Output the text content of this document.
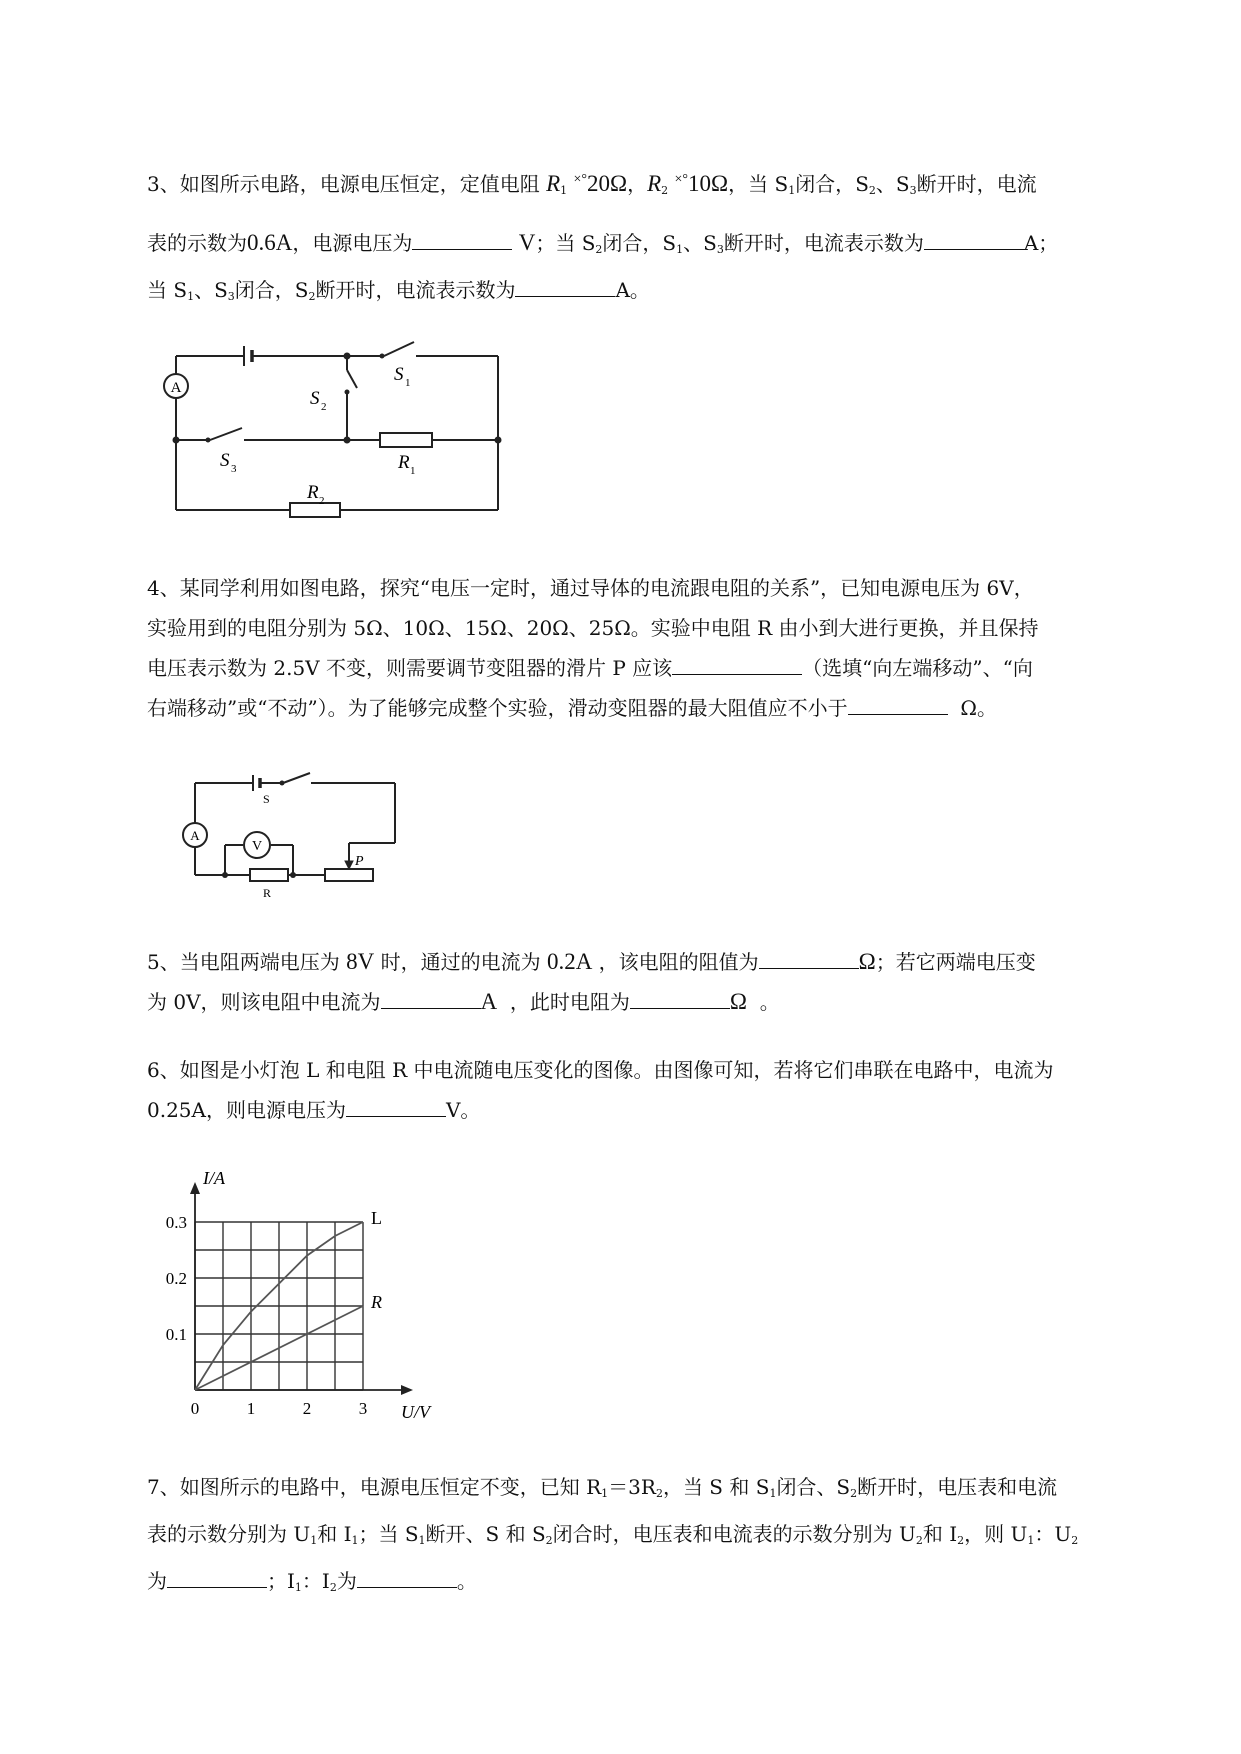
3、如图所示电路，电源电压恒定，定值电阻 $R_1$ ×°20Ω，$R_2$ ×°10Ω，当 $S_1$闭合，$S_2$、$S_3$断开时，电流

表的示数为0.6A，电源电压为	V；当 $S_2$闭合，$S_1$、$S_3$断开时，电流表示数为	A；

当 $S_1$、$S_3$闭合，$S_2$断开时，电流表示数为	A。

A
S 1
S 2
S 3	R 1
R 2

4、某同学利用如图电路，探究“电压一定时，通过导体的电流跟电阻的关系”，已知电源电压为 6V，

实验用到的电阻分别为 5Ω、10Ω、15Ω、20Ω、25Ω。实验中电阻 R 由小到大进行更换，并且保持

电压表示数为 2.5V 不变，则需要调节变阻器的滑片 P 应该	（选填“向左端移动”、“向

右端移动”或“不动”）。为了能够完成整个实验，滑动变阻器的最大阻值应不小于	Ω。

A
V
S
R
P

5、当电阻两端电压为 8V 时，通过的电流为 0.2A ，该电阻的阻值为	Ω；若它两端电压变

为 0V，则该电阻中电流为	A ，此时电阻为	Ω 。

6、如图是小灯泡 L 和电阻 R 中电流随电压变化的图像。由图像可知，若将它们串联在电路中，电流为

0.25A，则电源电压为	V。

0	1	2	3
0.1
0.2
0.3
U/V
I/A
L
R

7、如图所示的电路中，电源电压恒定不变，已知 $R_1=3R_2$，当 S 和 $S_1$闭合、$S_2$断开时，电压表和电流

表的示数分别为 $U_1$和 $I_1$；当 $S_1$断开、S 和 $S_2$闭合时，电压表和电流表的示数分别为 $U_2$和 $I_2$，则 $U_1$：$U_2$

为	；$I_1$：$I_2$为	。
